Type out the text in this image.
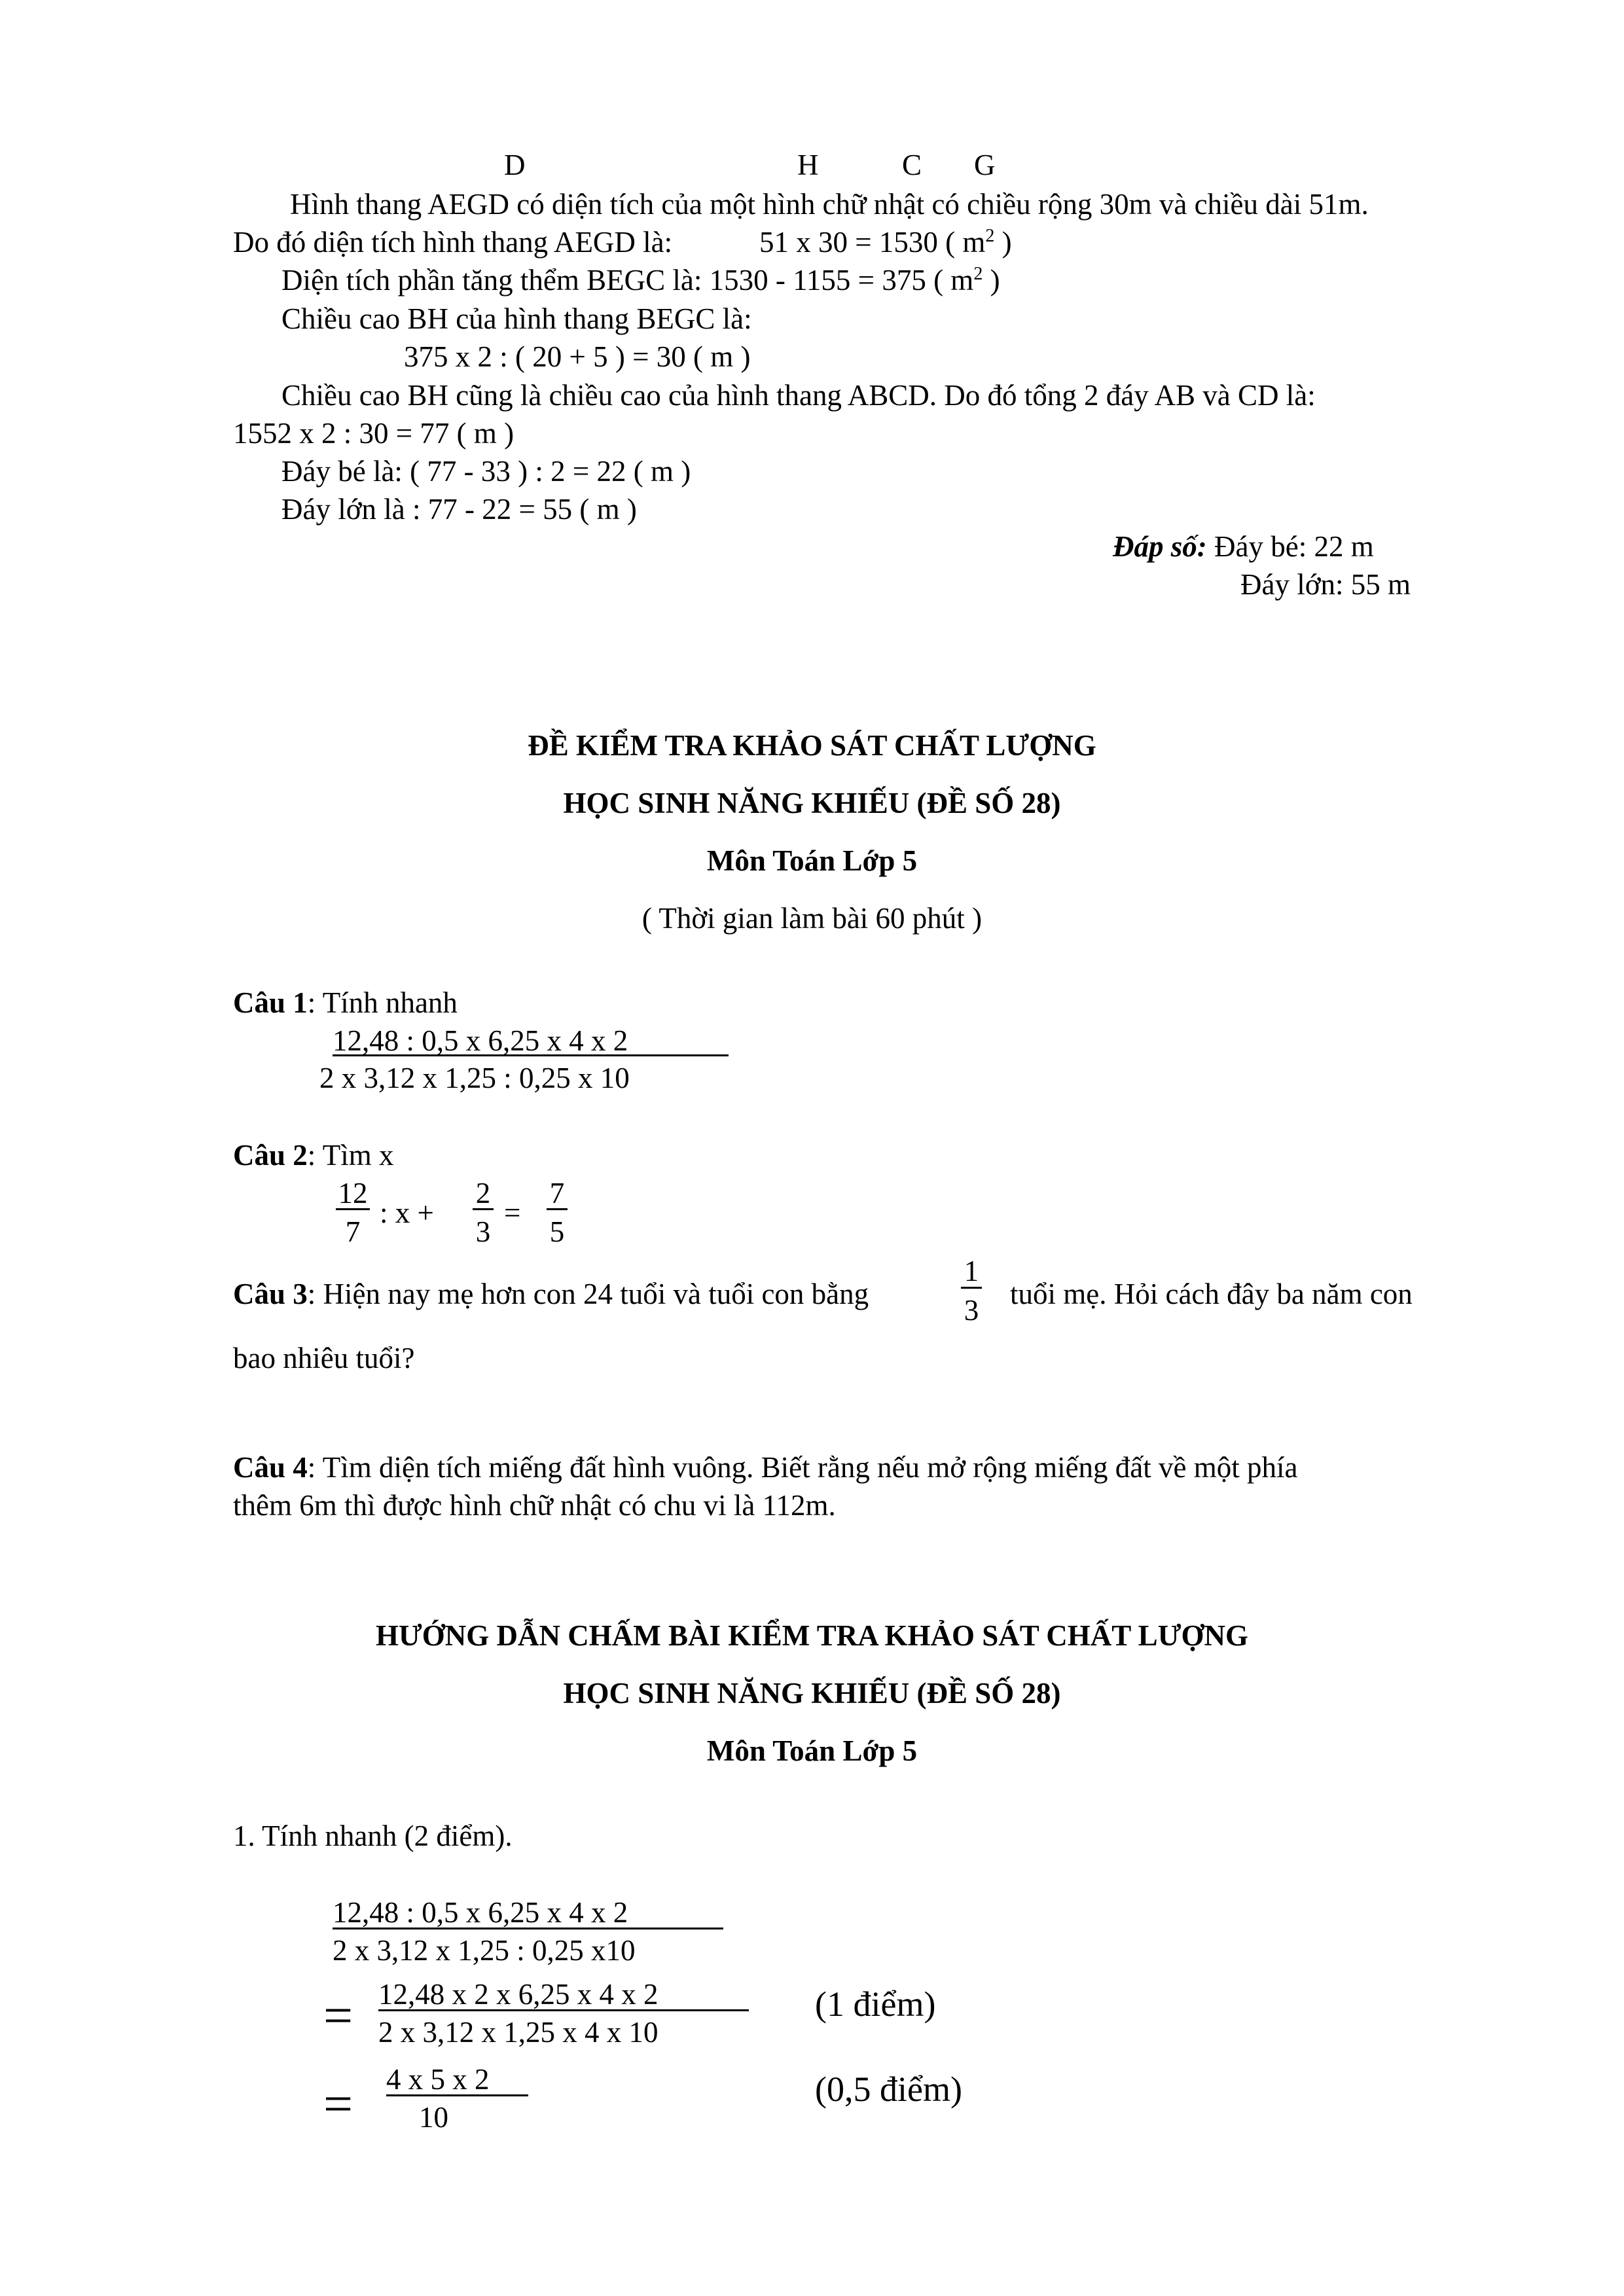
D	H	C G
Hình thang AEGD có diện tích của một hình chữ nhật có chiều rộng 30m và chiều dài 51m.
Do đó diện tích hình thang AEGD là:	51 x 30 = 1530 ( $m^2$ )
Diện tích phần tăng thểm BEGC là: 1530 - 1155 = 375 ( $m^2$ )
Chiều cao BH của hình thang BEGC là:
375 x 2 : ( 20 + 5 ) = 30 ( m )
Chiều cao BH cũng là chiều cao của hình thang ABCD. Do đó tổng 2 đáy AB và CD là:
1552 x 2 : 30 = 77 ( m )
Đáy bé là: ( 77 - 33 ) : 2 = 22 ( m )
Đáy lớn là : 77 - 22 = 55 ( m )
Đáp số: Đáy bé: 22 m
Đáy lớn: 55 m
ĐỀ KIỂM TRA KHẢO SÁT CHẤT LƯỢNG
HỌC SINH NĂNG KHIẾU (ĐỀ SỐ 28)
Môn Toán Lớp 5
( Thời gian làm bài 60 phút )
Câu 1: Tính nhanh
12,48 : 0,5 x 6,25 x 4 x 2
2 x 3,12 x 1,25 : 0,25 x 10
Câu 2: Tìm x
12
7
: x +
2
3
=
7
5
Câu 3: Hiện nay mẹ hơn con 24 tuổi và tuổi con bằng
1
3 tuổi mẹ. Hỏi cách đây ba năm con
bao nhiêu tuổi?
Câu 4: Tìm diện tích miếng đất hình vuông. Biết rằng nếu mở rộng miếng đất về một phía
thêm 6m thì được hình chữ nhật có chu vi là 112m.
HƯỚNG DẪN CHẤM BÀI KIỂM TRA KHẢO SÁT CHẤT LƯỢNG
HỌC SINH NĂNG KHIẾU (ĐỀ SỐ 28)
Môn Toán Lớp 5
1. Tính nhanh (2 điểm).
12,48 : 0,5 x 6,25 x 4 x 2
2 x 3,12 x 1,25 : 0,25 x10
= 12,48 x 2 x 6,25 x 4 x 2
2 x 3,12 x 1,25 x 4 x 10
(1 điểm)
= 4 x 5 x 2
10
(0,5 điểm)
